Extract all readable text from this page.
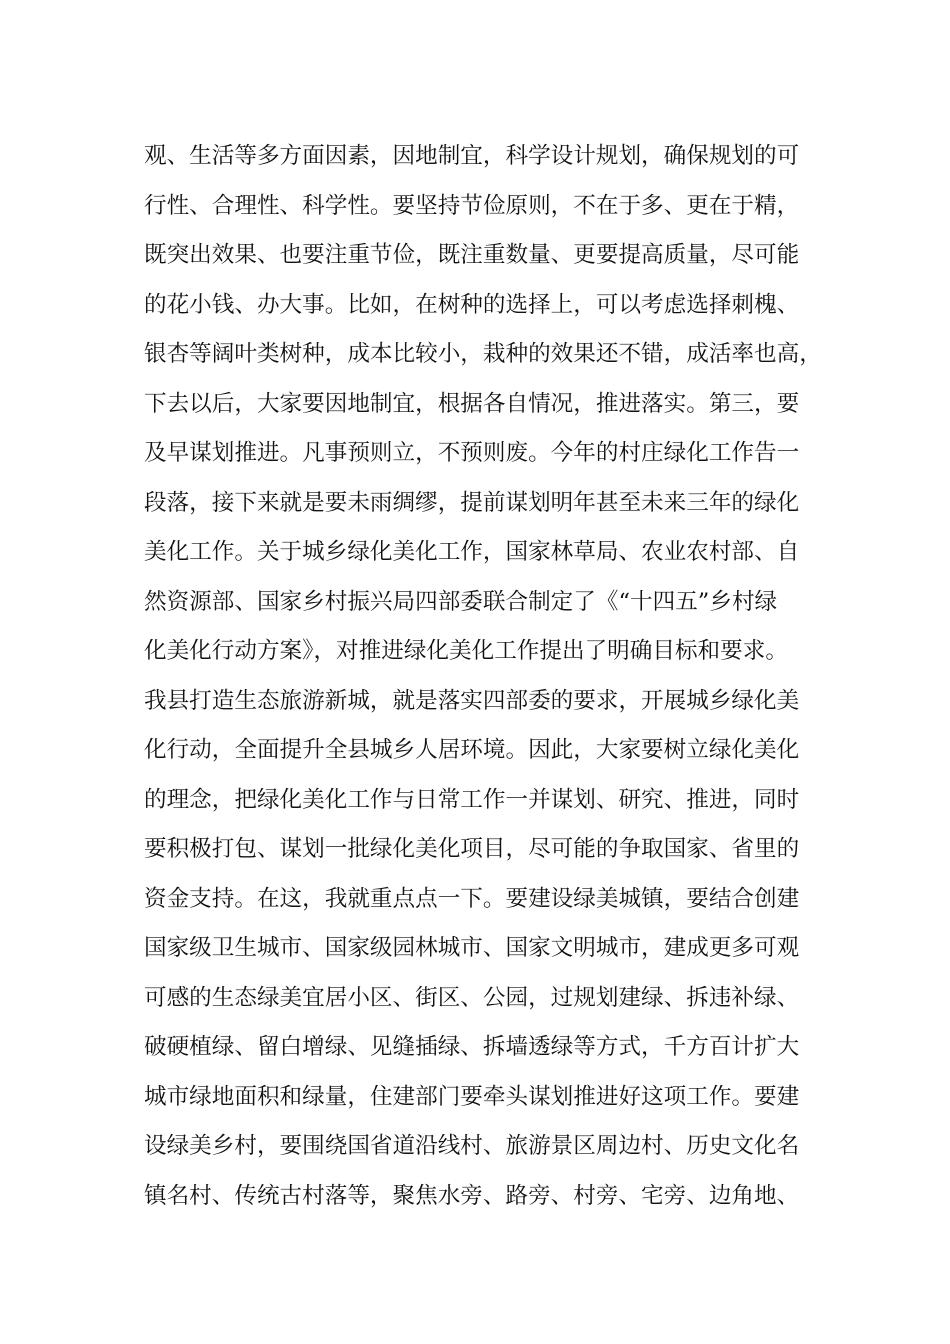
观、生活等多方面因素，因地制宜，科学设计规划，确保规划的可
行性、合理性、科学性。要坚持节俭原则，不在于多、更在于精，
既突出效果、也要注重节俭，既注重数量、更要提高质量，尽可能
的花小钱、办大事。比如，在树种的选择上，可以考虑选择刺槐、
银杏等阔叶类树种，成本比较小，栽种的效果还不错，成活率也高，
下去以后，大家要因地制宜，根据各自情况，推进落实。第三，要
及早谋划推进。凡事预则立，不预则废。今年的村庄绿化工作告一
段落，接下来就是要未雨绸缪，提前谋划明年甚至未来三年的绿化
美化工作。关于城乡绿化美化工作，国家林草局、农业农村部、自
然资源部、国家乡村振兴局四部委联合制定了《“十四五”乡村绿
化美化行动方案》，对推进绿化美化工作提出了明确目标和要求。
我县打造生态旅游新城，就是落实四部委的要求，开展城乡绿化美
化行动，全面提升全县城乡人居环境。因此，大家要树立绿化美化
的理念，把绿化美化工作与日常工作一并谋划、研究、推进，同时
要积极打包、谋划一批绿化美化项目，尽可能的争取国家、省里的
资金支持。在这，我就重点点一下。要建设绿美城镇，要结合创建
国家级卫生城市、国家级园林城市、国家文明城市，建成更多可观
可感的生态绿美宜居小区、街区、公园，过规划建绿、拆违补绿、
破硬植绿、留白增绿、见缝插绿、拆墙透绿等方式，千方百计扩大
城市绿地面积和绿量，住建部门要牵头谋划推进好这项工作。要建
设绿美乡村，要围绕国省道沿线村、旅游景区周边村、历史文化名
镇名村、传统古村落等，聚焦水旁、路旁、村旁、宅旁、边角地、
